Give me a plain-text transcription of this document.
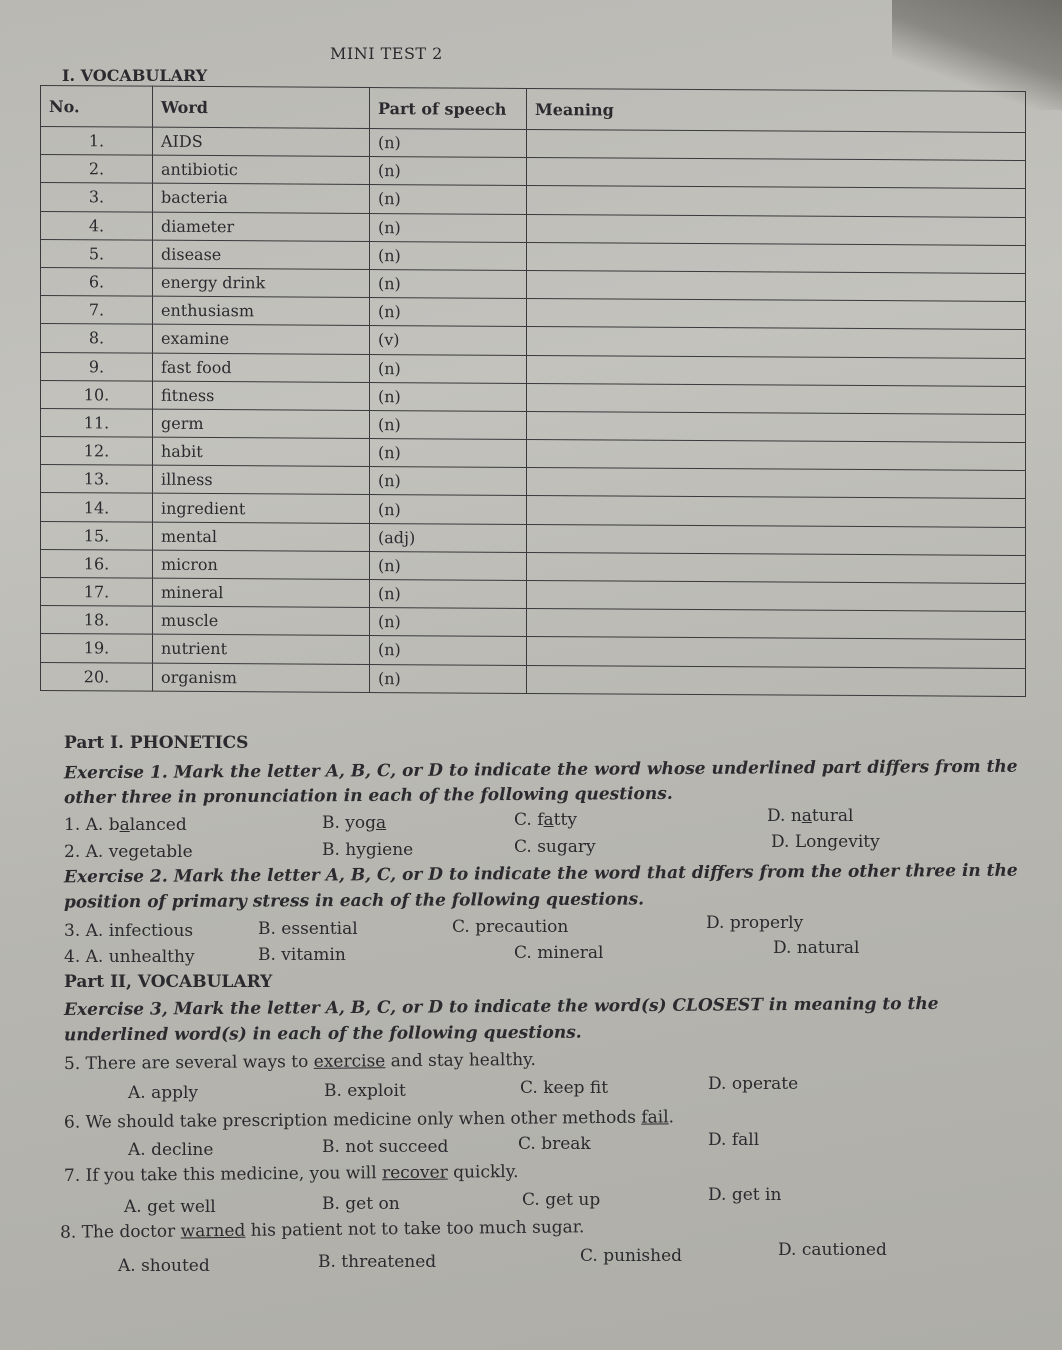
MINI TEST 2
I. VOCABULARY
No.	Word	Part of speech	Meaning
1.	AIDS	(n)	
2.	antibiotic	(n)	
3.	bacteria	(n)	
4.	diameter	(n)	
5.	disease	(n)	
6.	energy drink	(n)	
7.	enthusiasm	(n)	
8.	examine	(v)	
9.	fast food	(n)	
10.	fitness	(n)	
11.	germ	(n)	
12.	habit	(n)	
13.	illness	(n)	
14.	ingredient	(n)	
15.	mental	(adj)	
16.	micron	(n)	
17.	mineral	(n)	
18.	muscle	(n)	
19.	nutrient	(n)	
20.	organism	(n)	
Part I. PHONETICS
Exercise 1. Mark the letter A, B, C, or D to indicate the word whose underlined part differs from the
other three in pronunciation in each of the following questions.
1. A. balanced	B. yoga	C. fatty	D. natural
2. A. vegetable	B. hygiene	C. sugary	D. Longevity
Exercise 2. Mark the letter A, B, C, or D to indicate the word that differs from the other three in the
position of primary stress in each of the following questions.
3. A. infectious	B. essential	C. precaution	D. properly
4. A. unhealthy	B. vitamin	C. mineral	D. natural
Part II, VOCABULARY
Exercise 3, Mark the letter A, B, C, or D to indicate the word(s) CLOSEST in meaning to the
underlined word(s) in each of the following questions.
5. There are several ways to exercise and stay healthy.
A. apply	B. exploit	C. keep fit	D. operate
6. We should take prescription medicine only when other methods fail.
A. decline	B. not succeed	C. break	D. fall
7. If you take this medicine, you will recover quickly.
A. get well	B. get on	C. get up	D. get in
8. The doctor warned his patient not to take too much sugar.
A. shouted	B. threatened	C. punished	D. cautioned
